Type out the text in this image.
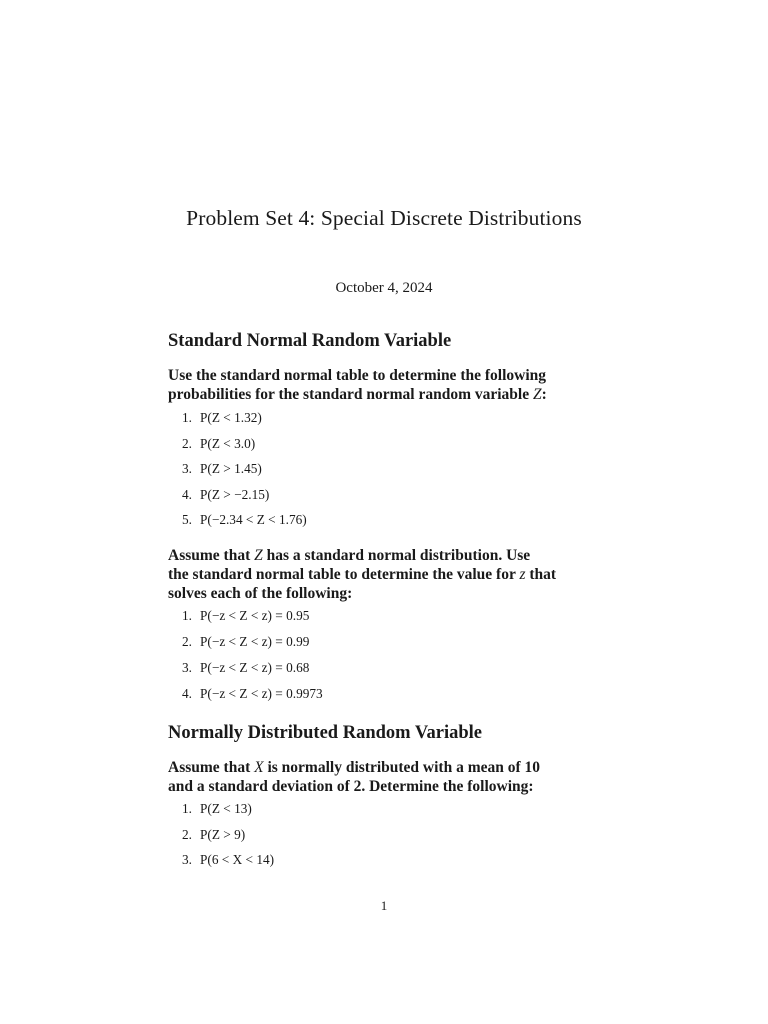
Problem Set 4: Special Discrete Distributions
October 4, 2024
Standard Normal Random Variable
Use the standard normal table to determine the following
probabilities for the standard normal random variable Z:
1. P(Z < 1.32)
2. P(Z < 3.0)
3. P(Z > 1.45)
4. P(Z > −2.15)
5. P(−2.34 < Z < 1.76)
Assume that Z has a standard normal distribution. Use
the standard normal table to determine the value for z that
solves each of the following:
1. P(−z < Z < z) = 0.95
2. P(−z < Z < z) = 0.99
3. P(−z < Z < z) = 0.68
4. P(−z < Z < z) = 0.9973
Normally Distributed Random Variable
Assume that X is normally distributed with a mean of 10
and a standard deviation of 2. Determine the following:
1. P(Z < 13)
2. P(Z > 9)
3. P(6 < X < 14)
1
